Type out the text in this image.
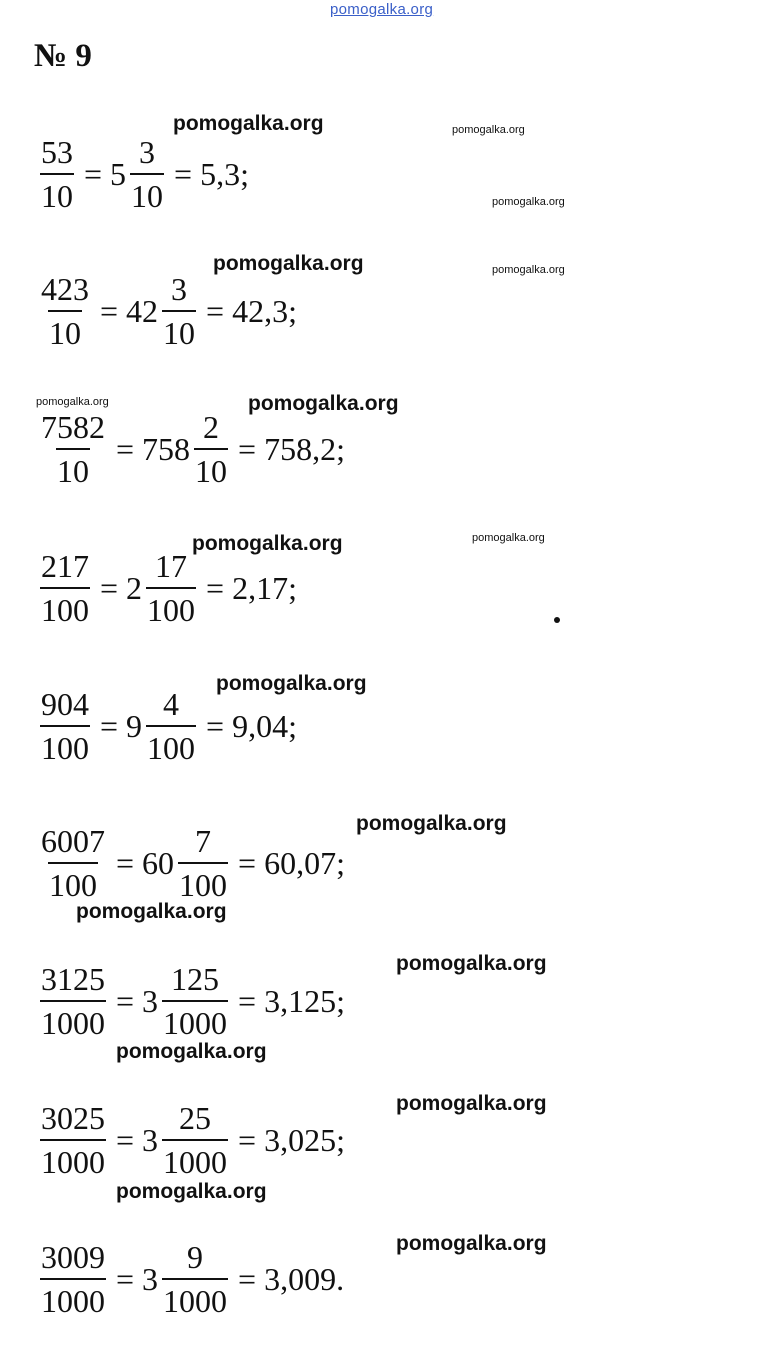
pomogalka.org
№ 9
$\frac{53}{10} = 5 \frac{3}{10} = 5,3$;
$\frac{423}{10} = 42 \frac{3}{10} = 42,3$;
$\frac{7582}{10} = 758 \frac{2}{10} = 758,2$;
$\frac{217}{100} = 2 \frac{17}{100} = 2,17$;
$\frac{904}{100} = 9 \frac{4}{100} = 9,04$;
$\frac{6007}{100} = 60 \frac{7}{100} = 60,07$;
$\frac{3125}{1000} = 3 \frac{125}{1000} = 3,125$;
$\frac{3025}{1000} = 3 \frac{25}{1000} = 3,025$;
$\frac{3009}{1000} = 3 \frac{9}{1000} = 3,009$.
pomogalka.org	pomogalka.org
pomogalka.org
pomogalka.org	pomogalka.org
pomogalka.org	pomogalka.org
pomogalka.org	pomogalka.org
pomogalka.org
pomogalka.org
pomogalka.org
pomogalka.org
pomogalka.org
pomogalka.org
pomogalka.org
pomogalka.org
